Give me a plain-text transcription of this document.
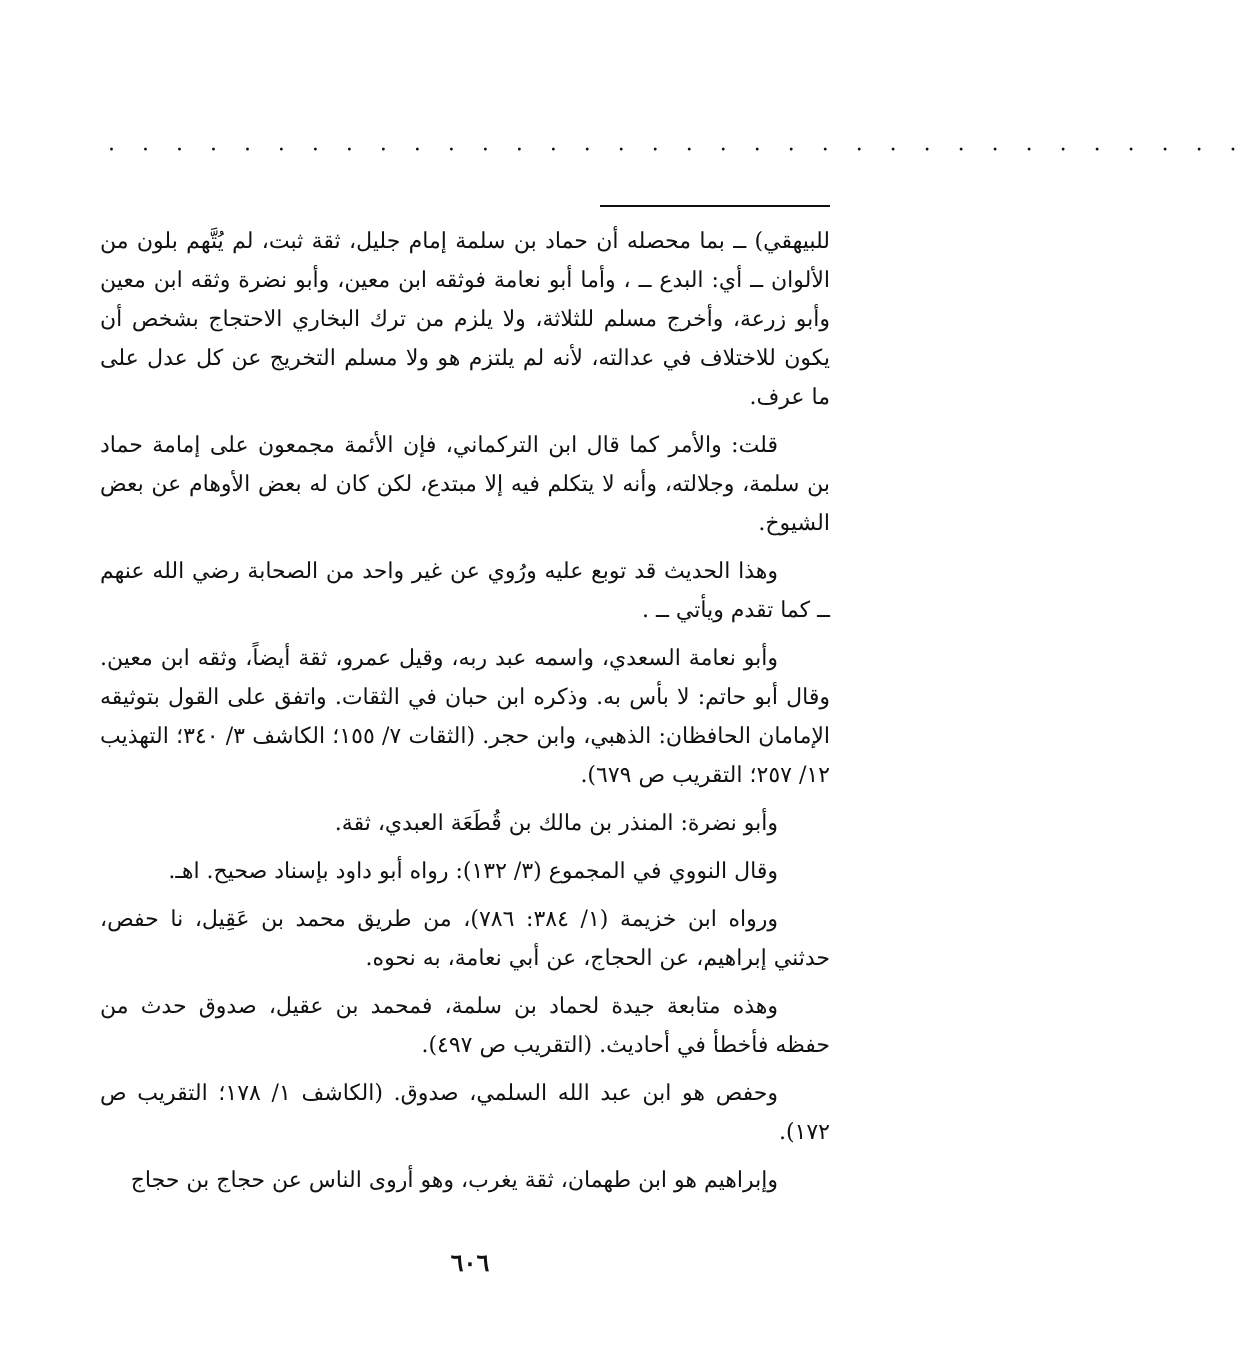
· · · · · · · · · · · · · · · · · · · · · · · · · · · · · · · · · ·

للبيهقي) ــ بما محصله أن حماد بن سلمة إمام جليل، ثقة ثبت، لم يُتَّهم بلون من الألوان ــ أي: البدع ــ ، وأما أبو نعامة فوثقه ابن معين، وأبو نضرة وثقه ابن معين وأبو زرعة، وأخرج مسلم للثلاثة، ولا يلزم من ترك البخاري الاحتجاج بشخص أن يكون للاختلاف في عدالته، لأنه لم يلتزم هو ولا مسلم التخريج عن كل عدل على ما عرف.

قلت: والأمر كما قال ابن التركماني، فإن الأئمة مجمعون على إمامة حماد بن سلمة، وجلالته، وأنه لا يتكلم فيه إلا مبتدع، لكن كان له بعض الأوهام عن بعض الشيوخ.

وهذا الحديث قد توبع عليه ورُوي عن غير واحد من الصحابة رضي الله عنهم ــ كما تقدم ويأتي ــ .

وأبو نعامة السعدي، واسمه عبد ربه، وقيل عمرو، ثقة أيضاً، وثقه ابن معين. وقال أبو حاتم: لا بأس به. وذكره ابن حبان في الثقات. واتفق على القول بتوثيقه الإمامان الحافظان: الذهبي، وابن حجر. (الثقات ٧/ ١٥٥؛ الكاشف ٣/ ٣٤٠؛ التهذيب ١٢/ ٢٥٧؛ التقريب ص ٦٧٩).

وأبو نضرة: المنذر بن مالك بن قُطَعَة العبدي، ثقة.

وقال النووي في المجموع (٣/ ١٣٢): رواه أبو داود بإسناد صحيح. اهـ.

ورواه ابن خزيمة (١/ ٣٨٤: ٧٨٦)، من طريق محمد بن عَقِيل، نا حفص، حدثني إبراهيم، عن الحجاج، عن أبي نعامة، به نحوه.

وهذه متابعة جيدة لحماد بن سلمة، فمحمد بن عقيل، صدوق حدث من حفظه فأخطأ في أحاديث. (التقريب ص ٤٩٧).

وحفص هو ابن عبد الله السلمي، صدوق. (الكاشف ١/ ١٧٨؛ التقريب ص ١٧٢).

وإبراهيم هو ابن طهمان، ثقة يغرب، وهو أروى الناس عن حجاج بن حجاج

٦٠٦
